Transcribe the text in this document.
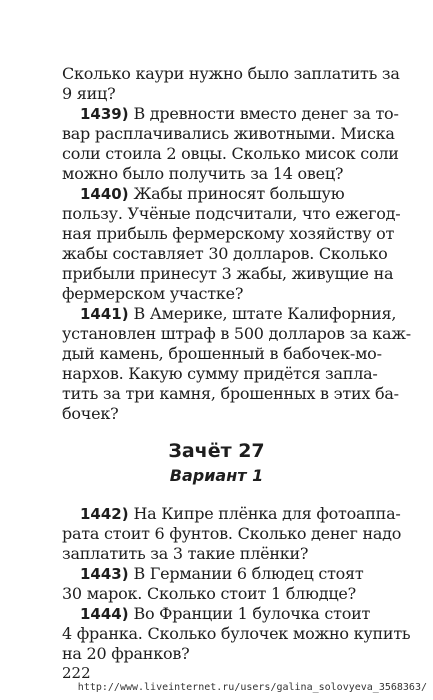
Сколько каури нужно было заплатить за
9 яиц?
1439) В древности вместо денег за то-
вар расплачивались животными. Миска
соли стоила 2 овцы. Сколько мисок соли
можно было получить за 14 овец?
1440) Жабы приносят большую
пользу. Учёные подсчитали, что ежегод-
ная прибыль фермерскому хозяйству от
жабы составляет 30 долларов. Сколько
прибыли принесут 3 жабы, живущие на
фермерском участке?
1441) В Америке, штате Калифорния,
установлен штраф в 500 долларов за каж-
дый камень, брошенный в бабочек-мо-
нархов. Какую сумму придётся запла-
тить за три камня, брошенных в этих ба-
бочек?
Зачёт 27
Вариант 1
1442) На Кипре плёнка для фотоаппа-
рата стоит 6 фунтов. Сколько денег надо
заплатить за 3 такие плёнки?
1443) В Германии 6 блюдец стоят
30 марок. Сколько стоит 1 блюдце?
1444) Во Франции 1 булочка стоит
4 франка. Сколько булочек можно купить
на 20 франков?
222
http://www.liveinternet.ru/users/galina_solovyeva_3568363/
